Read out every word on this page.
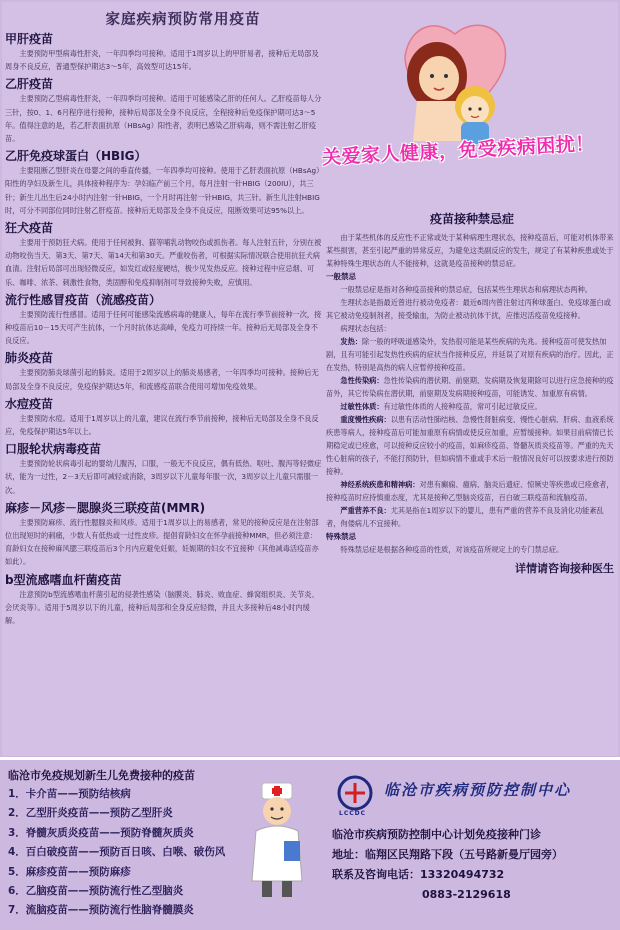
家庭疾病预防常用疫苗
甲肝疫苗

主要预防甲型病毒性肝炎，一年四季均可接种。适用于1周岁以上的甲肝易者，接种后无局部及周身不良反应，普通型保护期达3～5年，高效型可达15年。

乙肝疫苗

主要预防乙型病毒性肝炎，一年四季均可接种。适用于可能感染乙肝的任何人。乙肝疫苗每人分三针，按0、1、6月程序进行接种，接种后局部及全身不良反应，全程接种后免疫保护期可达3～5年。值得注意的是，若乙肝表面抗原（HBsAg）阳性者，表明已感染乙肝病毒，则不需注射乙肝疫苗。

乙肝免疫球蛋白（HBIG）

主要阻断乙型肝炎在母婴之间的垂直传播，一年四季均可接种。使用于乙肝表面抗原（HBsAg）阳性的孕妇及新生儿，具体接种程序为：孕妇临产前三个月，每月注射一针HBIG（200IU），共三针；新生儿出生后24小时内注射一针HBIG，一个月时再注射一针HBIG，共三针。新生儿注射HBIG时，可分不同部位同时注射乙肝疫苗。接种后无局部及全身不良反应，阻断效果可达95%以上。

狂犬疫苗

主要用于预防狂犬病。使用于任何被狗、猫等哺乳动物咬伤或抓伤者。每人注射五针，分别在被动物咬伤当天、第3天、第7天、第14天和第30天。严重咬伤者，可根据实际情况联合使用抗狂犬病血清。注射后局部可出现轻微反应，如发红或轻度硬结，极少见发热反应。接种过程中应忌烟、可乐、咖啡、浓茶、刺激性食物，类固醇和免疫抑制剂可导致接种失败，应慎用。

流行性感冒疫苗（流感疫苗）

主要预防流行性感冒。适用于任何可能感染流感病毒的健康人，每年在流行季节前接种一次，接种疫苗后10－15天可产生抗体，一个月时抗体达高峰，免疫力可持续一年。接种后无局部及全身不良反应。

肺炎疫苗

主要预防肺炎球菌引起的肺炎。适用于2周岁以上的肺炎易感者，一年四季均可接种。接种后无局部及全身不良反应，免疫保护期达5年，和流感疫苗联合使用可增加免疫效果。

水痘疫苗

主要预防水痘。适用于1周岁以上的儿童，建议在流行季节前接种，接种后无局部及全身不良反应，免疫保护期达5年以上。

口服轮状病毒疫苗

主要预防轮状病毒引起的婴幼儿腹泻，口服，一般无不良反应，偶有低热、呕吐、腹泻等轻微症状，能为一过性，2－3天后即可减轻或消除，3周岁以下儿童每年服一次，3周岁以上儿童只需服一次。

麻疹－风疹－腮腺炎三联疫苗(MMR)

主要预防麻疹、流行性腮腺炎和风疹。适用于1周岁以上的易感者，常见的接种反应是在注射部位出现短时的刺痛，少数人有低热或一过性皮疹。提倡育龄妇女在怀孕前接种MMR，但必须注意：育龄妇女在接种麻风腮三联疫苗后3个月内应避免妊娠，妊娠期的妇女不宜接种（其他减毒活疫苗亦如此）。

b型流感嗜血杆菌疫苗

注意预防b型流感嗜血杆菌引起的侵袭性感染（脑膜炎、肺炎、败血症、蜂窝组织炎、关节炎、会厌炎等）。适用于5周岁以下的儿童，接种后局部和全身反应轻微，并且大多接种后48小时内缓解。

关爱家人健康，免受疾病困扰！
疫苗接种禁忌症

由于某些机体的反应性不正常或处于某种病理生理状态，接种疫苗后，可能对机体带来某些损害，甚至引起严重的异常反应，为避免这类副反应的发生，规定了有某种疾患或处于某种特殊生理状态的人不能接种，这就是疫苗接种的禁忌症。

一般禁忌

一般禁忌症是指对各种疫苗接种的禁忌症，包括某些生理状态和病理状态两种。

生理状态是指最近曾进行被动免疫者：最近6周内曾注射过丙种球蛋白、免疫球蛋白或其它被动免疫制剂者，接受输血，为防止被动抗体干扰，应推迟活疫苗免疫接种。

病理状态包括：

发热：除一般的呼吸道感染外，发热很可能是某些疾病的先兆。接种疫苗可使发热加剧，且有可能引起发热性疾病的症状当作接种反应，并延误了对原有疾病的治疗。因此，正在发热，特别是高热的病人应暂停接种疫苗。

急性传染病：急性传染病的潜伏期、前驱期、发病期及恢复期除可以进行应急接种的疫苗外，其它传染病在潜伏期，前驱期及发病期接种疫苗，可能诱发、加重原有病情。

过敏性体质：有过敏性体质的人接种疫苗，常可引起过敏反应。

重度慢性疾病：以患有活动性肺结核、急慢性肾脏病变、慢性心脏病、肝病、血液系统疾患等病人，接种疫苗后可能加重原有病情或使反应加重，应暂缓接种。如果目前病情已长期稳定或已痊愈，可以接种反应较小的疫苗，如麻疹疫苗、脊髓灰质炎疫苗等。严重的先天性心脏病的孩子，不能打预防针，但如病情不重或手术后一般情况良好可以按要求进行预防接种。

神经系统疾患和精神病：对患有癫痫、癔病、脑炎后遗症、惊厥史等疾患或已痊愈者，接种疫苗时应持慎重态度，尤其是接种乙型脑炎疫苗，百白破三联疫苗和流脑疫苗。

严重营养不良：尤其是指在1周岁以下的婴儿，患有严重的营养不良及消化功能紊乱者，佝偻病儿不宜接种。

特殊禁忌

特殊禁忌症是根据各种疫苗的性质，对该疫苗所规定上的专门禁忌症。

详情请咨询接种医生
临沧市免疫规划新生儿免费接种的疫苗
1．卡介苗——预防结核病
2．乙型肝炎疫苗——预防乙型肝炎
3．脊髓灰质炎疫苗——预防脊髓灰质炎
4．百白破疫苗——预防百日咳、白喉、破伤风
5．麻疹疫苗——预防麻疹
6．乙脑疫苗——预防流行性乙型脑炎
7．流脑疫苗——预防流行性脑脊髓膜炎
LCCDC
临沧市疾病预防控制中心
临沧市疾病预防控制中心计划免疫接种门诊
地址：临翔区民翔路下段（五号路新曼厅园旁）
联系及咨询电话：13320494732
0883-2129618
